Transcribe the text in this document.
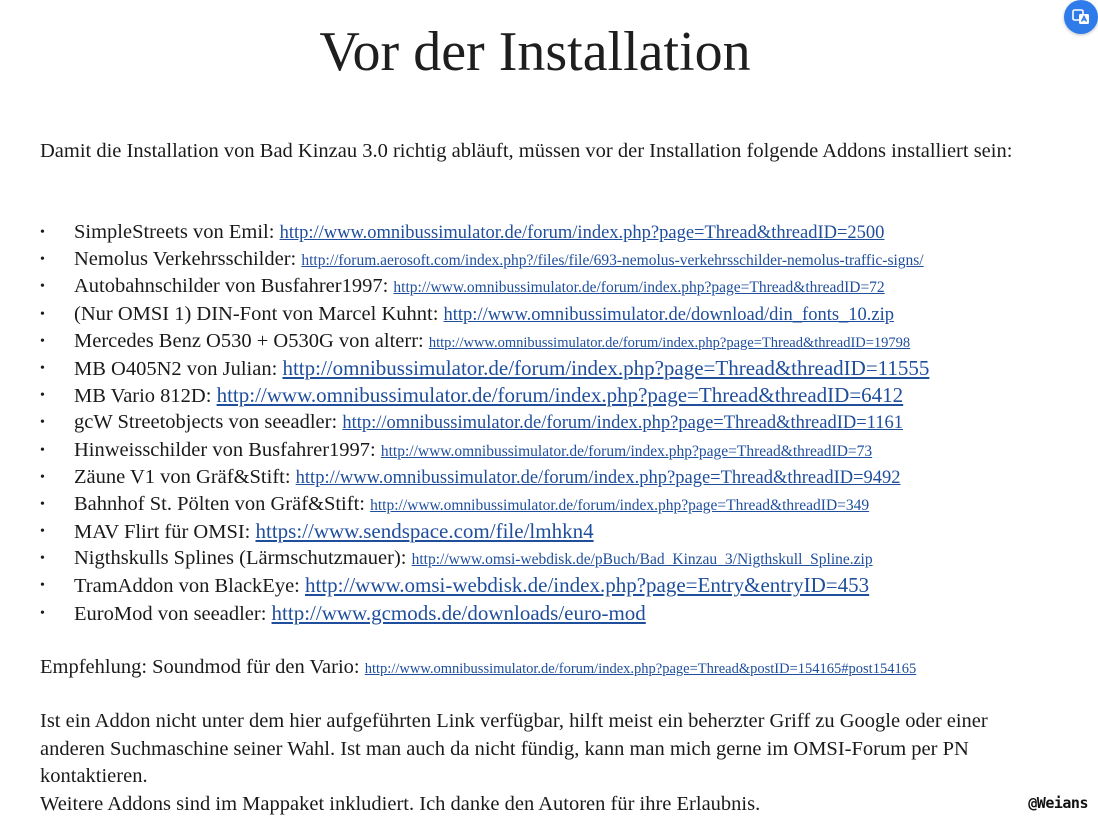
Vor der Installation

Damit die Installation von Bad Kinzau 3.0 richtig abläuft, müssen vor der Installation folgende Addons installiert sein:

• SimpleStreets von Emil: http://www.omnibussimulator.de/forum/index.php?page=Thread&threadID=2500
• Nemolus Verkehrsschilder: http://forum.aerosoft.com/index.php?/files/file/693-nemolus-verkehrsschilder-nemolus-traffic-signs/
• Autobahnschilder von Busfahrer1997: http://www.omnibussimulator.de/forum/index.php?page=Thread&threadID=72
• (Nur OMSI 1) DIN-Font von Marcel Kuhnt: http://www.omnibussimulator.de/download/din_fonts_10.zip
• Mercedes Benz O530 + O530G von alterr: http://www.omnibussimulator.de/forum/index.php?page=Thread&threadID=19798
• MB O405N2 von Julian: http://omnibussimulator.de/forum/index.php?page=Thread&threadID=11555
• MB Vario 812D: http://www.omnibussimulator.de/forum/index.php?page=Thread&threadID=6412
• gcW Streetobjects von seeadler: http://omnibussimulator.de/forum/index.php?page=Thread&threadID=1161
• Hinweisschilder von Busfahrer1997: http://www.omnibussimulator.de/forum/index.php?page=Thread&threadID=73
• Zäune V1 von Gräf&Stift: http://www.omnibussimulator.de/forum/index.php?page=Thread&threadID=9492
• Bahnhof St. Pölten von Gräf&Stift: http://www.omnibussimulator.de/forum/index.php?page=Thread&threadID=349
• MAV Flirt für OMSI: https://www.sendspace.com/file/lmhkn4
• Nigthskulls Splines (Lärmschutzmauer): http://www.omsi-webdisk.de/pBuch/Bad_Kinzau_3/Nigthskull_Spline.zip
• TramAddon von BlackEye: http://www.omsi-webdisk.de/index.php?page=Entry&entryID=453
• EuroMod von seeadler: http://www.gcmods.de/downloads/euro-mod

Empfehlung: Soundmod für den Vario: http://www.omnibussimulator.de/forum/index.php?page=Thread&postID=154165#post154165

Ist ein Addon nicht unter dem hier aufgeführten Link verfügbar, hilft meist ein beherzter Griff zu Google oder einer anderen Suchmaschine seiner Wahl. Ist man auch da nicht fündig, kann man mich gerne im OMSI-Forum per PN kontaktieren.
Weitere Addons sind im Mappaket inkludiert. Ich danke den Autoren für ihre Erlaubnis.	@Weians
